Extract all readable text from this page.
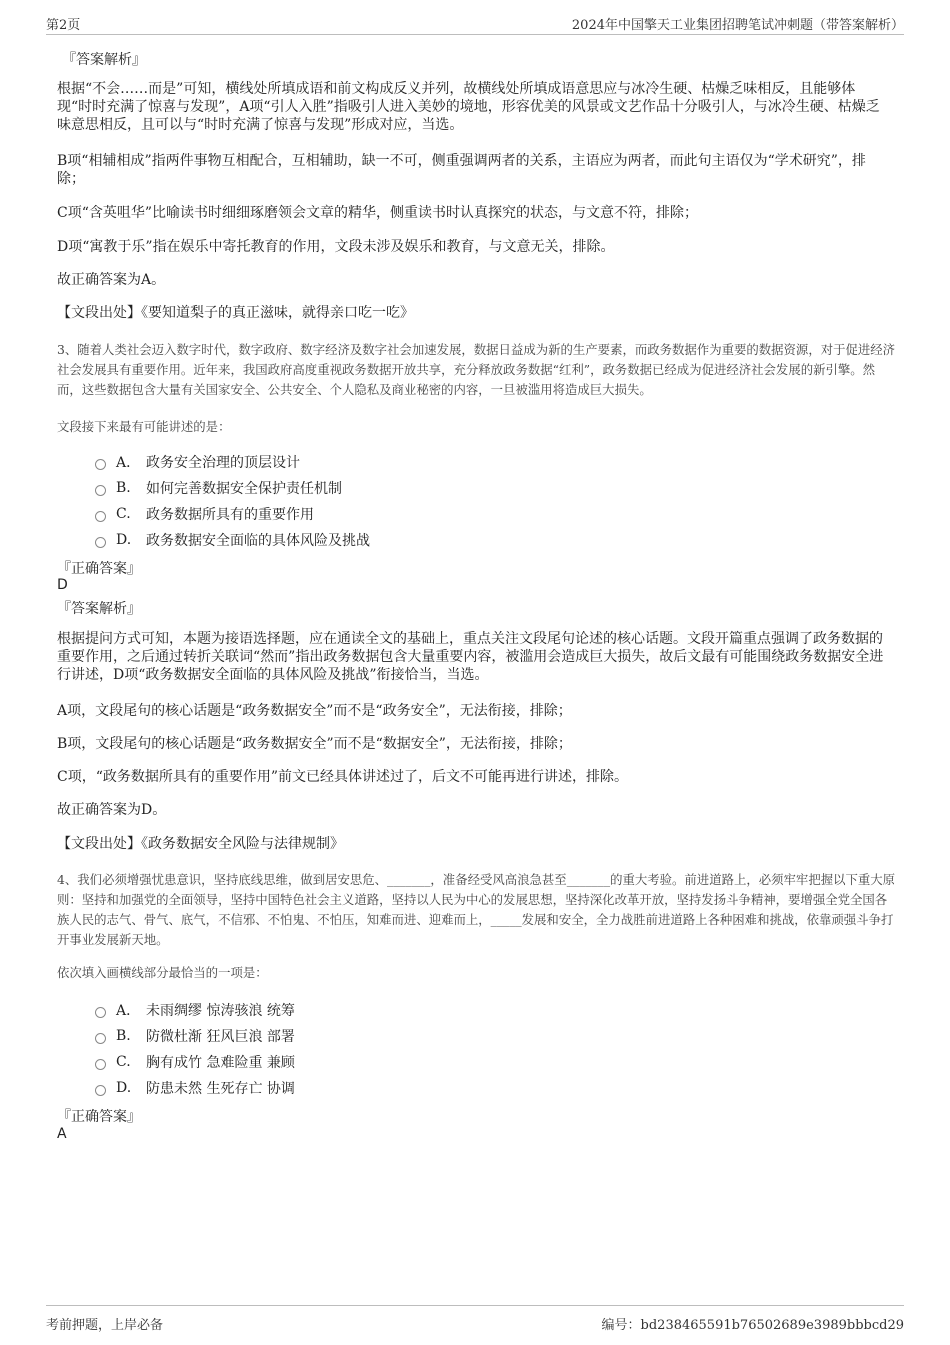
第2页	2024年中国擎天工业集团招聘笔试冲刺题（带答案解析）
『答案解析』

根据“不会……而是”可知，横线处所填成语和前文构成反义并列，故横线处所填成语意思应与冰冷生硬、枯燥乏味相反，且能够体现“时时充满了惊喜与发现”，A项“引人入胜”指吸引人进入美妙的境地，形容优美的风景或文艺作品十分吸引人，与冰冷生硬、枯燥乏味意思相反，且可以与“时时充满了惊喜与发现”形成对应，当选。

B项“相辅相成”指两件事物互相配合，互相辅助，缺一不可，侧重强调两者的关系，主语应为两者，而此句主语仅为“学术研究”，排除；

C项“含英咀华”比喻读书时细细琢磨领会文章的精华，侧重读书时认真探究的状态，与文意不符，排除；

D项“寓教于乐”指在娱乐中寄托教育的作用，文段未涉及娱乐和教育，与文意无关，排除。

故正确答案为A。

【文段出处】《要知道梨子的真正滋味，就得亲口吃一吃》

3、随着人类社会迈入数字时代，数字政府、数字经济及数字社会加速发展，数据日益成为新的生产要素，而政务数据作为重要的数据资源，对于促进经济社会发展具有重要作用。近年来，我国政府高度重视政务数据开放共享，充分释放政务数据“红利”，政务数据已经成为促进经济社会发展的新引擎。然而，这些数据包含大量有关国家安全、公共安全、个人隐私及商业秘密的内容，一旦被滥用将造成巨大损失。

文段接下来最有可能讲述的是：

A． 政务安全治理的顶层设计
B.	如何完善数据安全保护责任机制
C.	政务数据所具有的重要作用
D.	政务数据安全面临的具体风险及挑战
『正确答案』
D
『答案解析』

根据提问方式可知，本题为接语选择题，应在通读全文的基础上，重点关注文段尾句论述的核心话题。文段开篇重点强调了政务数据的重要作用，之后通过转折关联词“然而”指出政务数据包含大量重要内容，被滥用会造成巨大损失，故后文最有可能围绕政务数据安全进行讲述，D项“政务数据安全面临的具体风险及挑战”衔接恰当，当选。

A项，文段尾句的核心话题是“政务数据安全”而不是“政务安全”，无法衔接，排除；

B项，文段尾句的核心话题是“政务数据安全”而不是“数据安全”，无法衔接，排除；

C项，“政务数据所具有的重要作用”前文已经具体讲述过了，后文不可能再进行讲述，排除。

故正确答案为D。

【文段出处】《政务数据安全风险与法律规制》

4、我们必须增强忧患意识，坚持底线思维，做到居安思危、_______，准备经受风高浪急甚至_______的重大考验。前进道路上，必须牢牢把握以下重大原则：坚持和加强党的全面领导，坚持中国特色社会主义道路，坚持以人民为中心的发展思想，坚持深化改革开放，坚持发扬斗争精神，要增强全党全国各族人民的志气、骨气、底气，不信邪、不怕鬼、不怕压，知难而进、迎难而上，_____发展和安全，全力战胜前进道路上各种困难和挑战，依靠顽强斗争打开事业发展新天地。

依次填入画横线部分最恰当的一项是：

A． 未雨绸缪 惊涛骇浪 统筹
B.	防微杜渐 狂风巨浪 部署
C.	胸有成竹 急难险重 兼顾
D.	防患未然 生死存亡 协调
『正确答案』
A
考前押题，上岸必备	编号：bd238465591b76502689e3989bbbcd29
